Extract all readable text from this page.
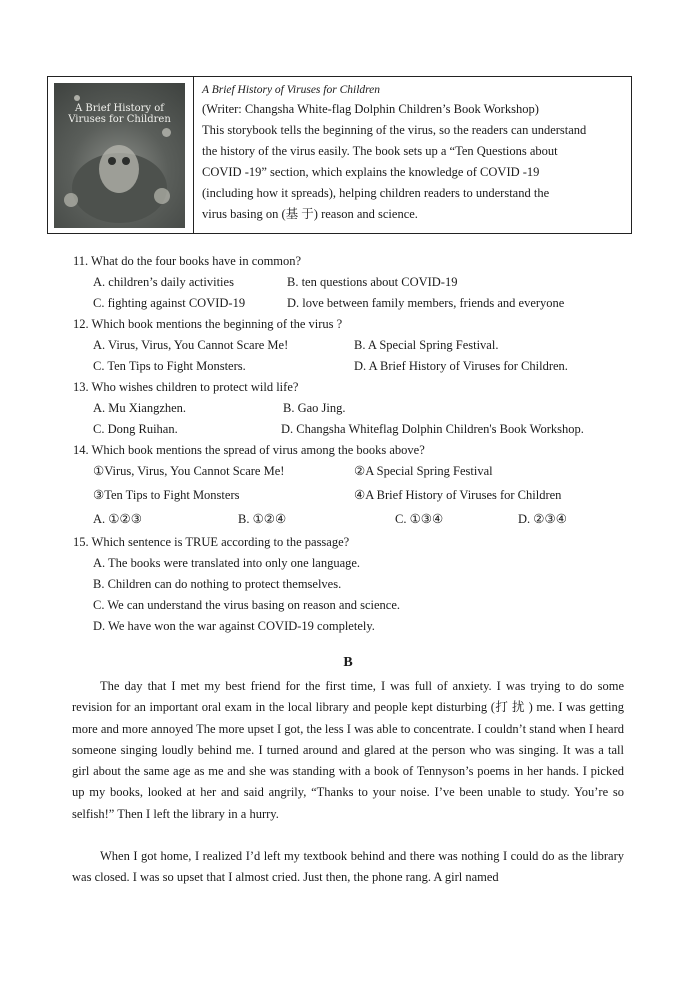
A Brief History of Viruses for Children
A Brief History of Viruses for Children
(Writer: Changsha White-flag Dolphin Children’s Book Workshop)
This storybook tells the beginning of the virus, so the readers can understand
the history of the virus easily. The book sets up a “Ten Questions about
COVID -19” section, which explains the knowledge of COVID -19
(including how it spreads), helping children readers to understand the
virus basing on (基 于) reason and science.
11. What do the four books have in common?
A. children’s daily activities	B. ten questions about COVID-19
C. fighting against COVID-19	D. love between family members, friends and everyone
12. Which book mentions the beginning of the virus ?
A. Virus, Virus, You Cannot Scare Me!	B. A Special Spring Festival.
C. Ten Tips to Fight Monsters.	D. A Brief History of Viruses for Children.
13. Who wishes children to protect wild life?
A. Mu Xiangzhen.	B. Gao Jing.
C. Dong Ruihan.	D. Changsha Whiteflag Dolphin Children's Book Workshop.
14. Which book mentions the spread of virus among the books above?
①Virus, Virus, You Cannot Scare Me!	②A Special Spring Festival
③Ten Tips to Fight Monsters	④A Brief History of Viruses for Children
A. ①②③	B. ①②④	C. ①③④	D. ②③④
15. Which sentence is TRUE according to the passage?
A. The books were translated into only one language.
B. Children can do nothing to protect themselves.
C. We can understand the virus basing on reason and science.
D. We have won the war against COVID-19 completely.
B
The day that I met my best friend for the first time, I was full of anxiety. I was trying to do some revision for an important oral exam in the local library and people kept disturbing (打 扰 ) me. I was getting more and more annoyed The more upset I got, the less I was able to concentrate. I couldn’t stand when I heard someone singing loudly behind me. I turned around and glared at the person who was singing. It was a tall girl about the same age as me and she was standing with a book of Tennyson’s poems in her hands. I picked up my books, looked at her and said angrily, “Thanks to your noise. I’ve been unable to study. You’re so selfish!” Then I left the library in a hurry.
When I got home, I realized I’d left my textbook behind and there was nothing I could do as the library was closed. I was so upset that I almost cried. Just then, the phone rang. A girl named
